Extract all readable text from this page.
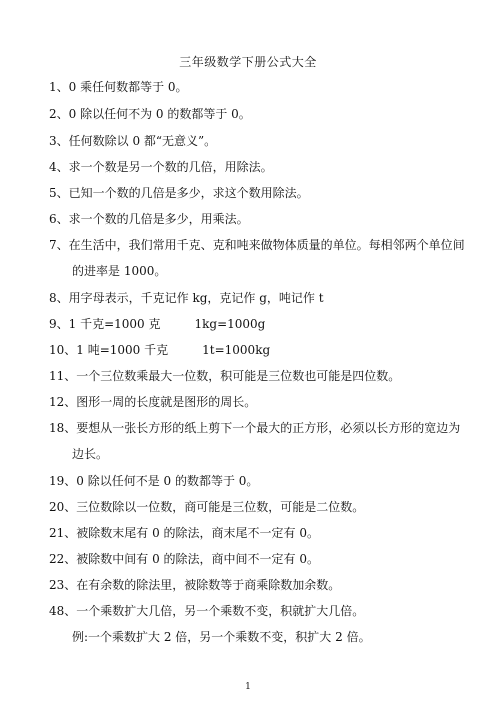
三年级数学下册公式大全
1、0 乘任何数都等于 0。
2、0 除以任何不为 0 的数都等于 0。
3、任何数除以 0 都“无意义”。
4、求一个数是另一个数的几倍，用除法。
5、已知一个数的几倍是多少，求这个数用除法。
6、求一个数的几倍是多少，用乘法。
7、在生活中，我们常用千克、克和吨来做物体质量的单位。每相邻两个单位间
的进率是 1000。
8、用字母表示，千克记作 kg，克记作 g，吨记作 t
9、1 千克=1000 克	1kg=1000g
10、1 吨=1000 千克	1t=1000kg
11、一个三位数乘最大一位数，积可能是三位数也可能是四位数。
12、图形一周的长度就是图形的周长。
18、要想从一张长方形的纸上剪下一个最大的正方形，必须以长方形的宽边为
边长。
19、0 除以任何不是 0 的数都等于 0。
20、三位数除以一位数，商可能是三位数，可能是二位数。
21、被除数末尾有 0 的除法，商末尾不一定有 0。
22、被除数中间有 0 的除法，商中间不一定有 0。
23、在有余数的除法里，被除数等于商乘除数加余数。
48、一个乘数扩大几倍，另一个乘数不变，积就扩大几倍。
例:一个乘数扩大 2 倍，另一个乘数不变，积扩大 2 倍。
1
